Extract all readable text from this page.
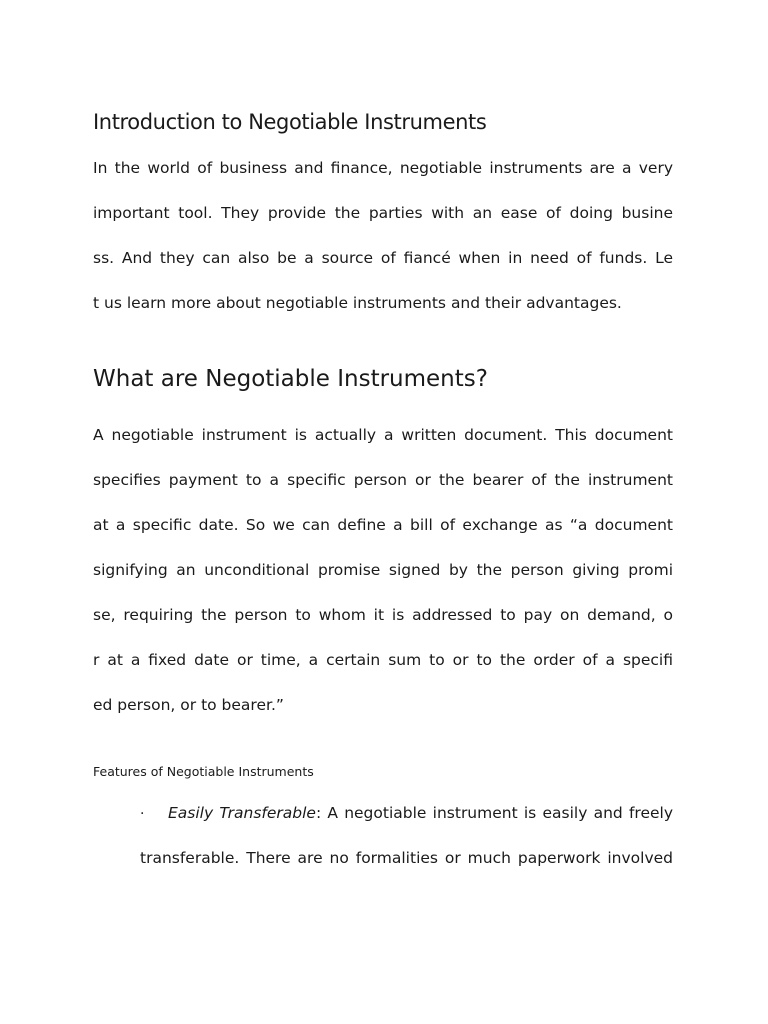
Introduction to Negotiable Instruments
In the world of business and finance, negotiable instruments are a very
important tool. They provide the parties with an ease of doing busine
ss. And they can also be a source of fiancé when in need of funds. Le
t us learn more about negotiable instruments and their advantages.
What are Negotiable Instruments?
A negotiable instrument is actually a written document. This document
specifies payment to a specific person or the bearer of the instrument
at a specific date. So we can define a bill of exchange as “a document
signifying an unconditional promise signed by the person giving promi
se, requiring the person to whom it is addressed to pay on demand, o
r at a fixed date or time, a certain sum to or to the order of a specifi
ed person, or to bearer.”
Features of Negotiable Instruments
· Easily Transferable: A negotiable instrument is easily and freely
transferable. There are no formalities or much paperwork involved
